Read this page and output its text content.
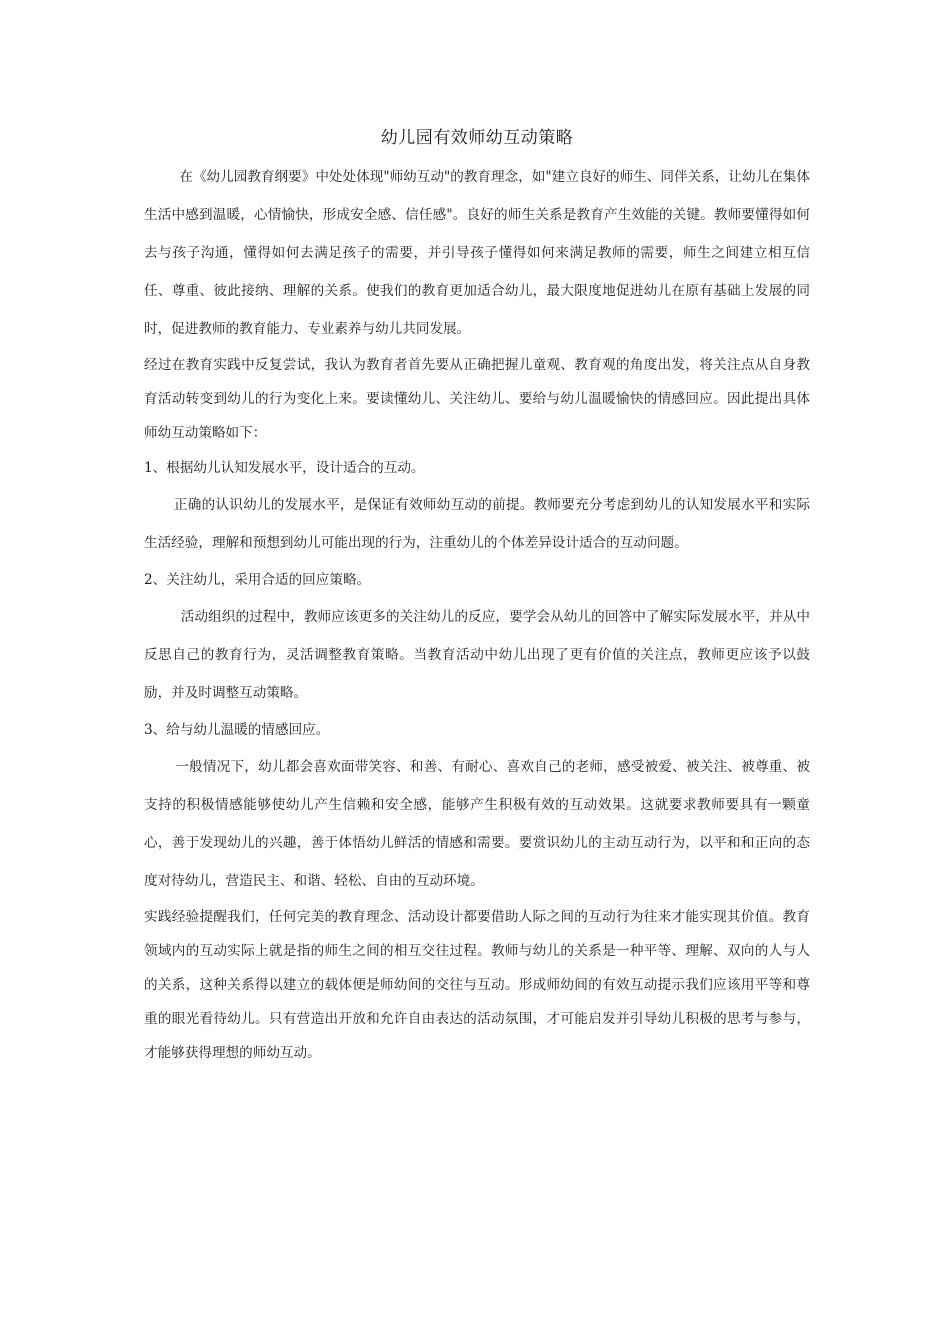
幼儿园有效师幼互动策略

在《幼儿园教育纲要》中处处体现"师幼互动"的教育理念，如"建立良好的师生、同伴关系，让幼儿在集体生活中感到温暖，心情愉快，形成安全感、信任感"。良好的师生关系是教育产生效能的关键。教师要懂得如何去与孩子沟通，懂得如何去满足孩子的需要，并引导孩子懂得如何来满足教师的需要，师生之间建立相互信任、尊重、彼此接纳、理解的关系。使我们的教育更加适合幼儿，最大限度地促进幼儿在原有基础上发展的同时，促进教师的教育能力、专业素养与幼儿共同发展。

经过在教育实践中反复尝试，我认为教育者首先要从正确把握儿童观、教育观的角度出发，将关注点从自身教育活动转变到幼儿的行为变化上来。要读懂幼儿、关注幼儿、要给与幼儿温暖愉快的情感回应。因此提出具体师幼互动策略如下：

1、根据幼儿认知发展水平，设计适合的互动。

正确的认识幼儿的发展水平，是保证有效师幼互动的前提。教师要充分考虑到幼儿的认知发展水平和实际生活经验，理解和预想到幼儿可能出现的行为，注重幼儿的个体差异设计适合的互动问题。

2、关注幼儿，采用合适的回应策略。

活动组织的过程中，教师应该更多的关注幼儿的反应，要学会从幼儿的回答中了解实际发展水平，并从中反思自己的教育行为，灵活调整教育策略。当教育活动中幼儿出现了更有价值的关注点，教师更应该予以鼓励，并及时调整互动策略。

3、给与幼儿温暖的情感回应。

一般情况下，幼儿都会喜欢面带笑容、和善、有耐心、喜欢自己的老师，感受被爱、被关注、被尊重、被支持的积极情感能够使幼儿产生信赖和安全感，能够产生积极有效的互动效果。这就要求教师要具有一颗童心，善于发现幼儿的兴趣，善于体悟幼儿鲜活的情感和需要。要赏识幼儿的主动互动行为，以平和和正向的态度对待幼儿，营造民主、和谐、轻松、自由的互动环境。

实践经验提醒我们，任何完美的教育理念、活动设计都要借助人际之间的互动行为往来才能实现其价值。教育领域内的互动实际上就是指的师生之间的相互交往过程。教师与幼儿的关系是一种平等、理解、双向的人与人的关系，这种关系得以建立的载体便是师幼间的交往与互动。形成师幼间的有效互动提示我们应该用平等和尊重的眼光看待幼儿。只有营造出开放和允许自由表达的活动氛围，才可能启发并引导幼儿积极的思考与参与，才能够获得理想的师幼互动。
